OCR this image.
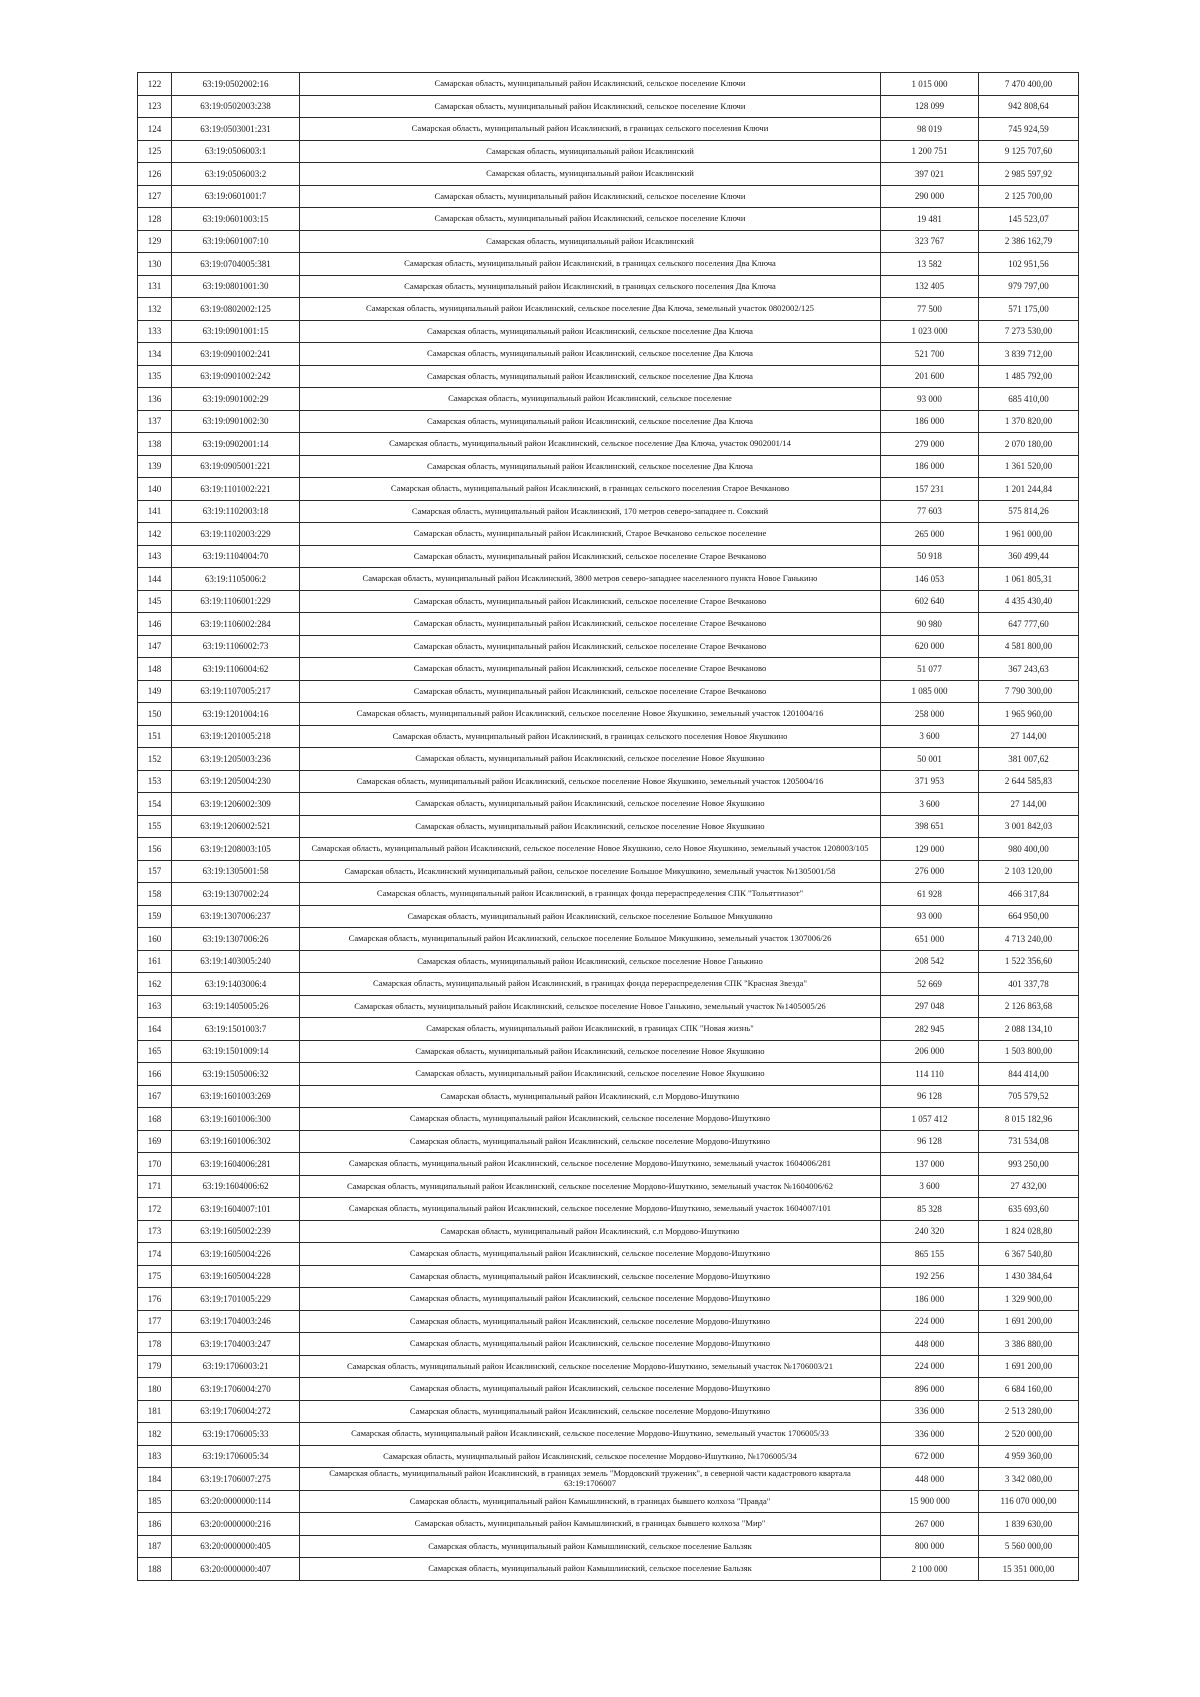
122	63:19:0502002:16	Самарская область, муниципальный район Исаклинский, сельское поселение Ключи	1 015 000	7 470 400,00
123	63:19:0502003:238	Самарская область, муниципальный район Исаклинский, сельское поселение Ключи	128 099	942 808,64
124	63:19:0503001:231	Самарская область, муниципальный район Исаклинский, в границах сельского поселения Ключи	98 019	745 924,59
125	63:19:0506003:1	Самарская область, муниципальный район Исаклинский	1 200 751	9 125 707,60
126	63:19:0506003:2	Самарская область, муниципальный район Исаклинский	397 021	2 985 597,92
127	63:19:0601001:7	Самарская область, муниципальный район Исаклинский, сельское поселение Ключи	290 000	2 125 700,00
128	63:19:0601003:15	Самарская область, муниципальный район Исаклинский, сельское поселение Ключи	19 481	145 523,07
129	63:19:0601007:10	Самарская область, муниципальный район Исаклинский	323 767	2 386 162,79
130	63:19:0704005:381	Самарская область, муниципальный район Исаклинский, в границах сельского поселения Два Ключа	13 582	102 951,56
131	63:19:0801001:30	Самарская область, муниципальный район Исаклинский, в границах сельского поселения Два Ключа	132 405	979 797,00
132	63:19:0802002:125	Самарская область, муниципальный район Исаклинский, сельское поселение Два Ключа, земельный участок 0802002/125	77 500	571 175,00
133	63:19:0901001:15	Самарская область, муниципальный район Исаклинский, сельское поселение Два Ключа	1 023 000	7 273 530,00
134	63:19:0901002:241	Самарская область, муниципальный район Исаклинский, сельское поселение Два Ключа	521 700	3 839 712,00
135	63:19:0901002:242	Самарская область, муниципальный район Исаклинский, сельское поселение Два Ключа	201 600	1 485 792,00
136	63:19:0901002:29	Самарская область, муниципальный район Исаклинский, сельское поселение	93 000	685 410,00
137	63:19:0901002:30	Самарская область, муниципальный район Исаклинский, сельское поселение Два Ключа	186 000	1 370 820,00
138	63:19:0902001:14	Самарская область, муниципальный район Исаклинский, сельское поселение Два Ключа, участок 0902001/14	279 000	2 070 180,00
139	63:19:0905001:221	Самарская область, муниципальный район Исаклинский, сельское поселение Два Ключа	186 000	1 361 520,00
140	63:19:1101002:221	Самарская область, муниципальный район Исаклинский, в границах сельского поселения Старое Вечканово	157 231	1 201 244,84
141	63:19:1102003:18	Самарская область, муниципальный район Исаклинский, 170 метров северо-западнее п. Сокский	77 603	575 814,26
142	63:19:1102003:229	Самарская область, муниципальный район Исаклинский, Старое Вечканово сельское поселение	265 000	1 961 000,00
143	63:19:1104004:70	Самарская область, муниципальный район Исаклинский, сельское поселение Старое Вечканово	50 918	360 499,44
144	63:19:1105006:2	Самарская область, муниципальный район Исаклинский, 3800 метров северо-западнее населенного пункта Новое Ганькино	146 053	1 061 805,31
145	63:19:1106001:229	Самарская область, муниципальный район Исаклинский, сельское поселение Старое Вечканово	602 640	4 435 430,40
146	63:19:1106002:284	Самарская область, муниципальный район Исаклинский, сельское поселение Старое Вечканово	90 980	647 777,60
147	63:19:1106002:73	Самарская область, муниципальный район Исаклинский, сельское поселение Старое Вечканово	620 000	4 581 800,00
148	63:19:1106004:62	Самарская область, муниципальный район Исаклинский, сельское поселение Старое Вечканово	51 077	367 243,63
149	63:19:1107005:217	Самарская область, муниципальный район Исаклинский, сельское поселение Старое Вечканово	1 085 000	7 790 300,00
150	63:19:1201004:16	Самарская область, муниципальный район Исаклинский, сельское поселение Новое Якушкино, земельный участок 1201004/16	258 000	1 965 960,00
151	63:19:1201005:218	Самарская область, муниципальный район Исаклинский, в границах сельского поселения Новое Якушкино	3 600	27 144,00
152	63:19:1205003:236	Самарская область, муниципальный район Исаклинский, сельское поселение Новое Якушкино	50 001	381 007,62
153	63:19:1205004:230	Самарская область, муниципальный район Исаклинский, сельское поселение Новое Якушкино, земельный участок 1205004/16	371 953	2 644 585,83
154	63:19:1206002:309	Самарская область, муниципальный район Исаклинский, сельское поселение Новое Якушкино	3 600	27 144,00
155	63:19:1206002:521	Самарская область, муниципальный район Исаклинский, сельское поселение Новое Якушкино	398 651	3 001 842,03
156	63:19:1208003:105	Самарская область, муниципальный район Исаклинский, сельское поселение Новое Якушкино, село Новое Якушкино, земельный участок 1208003/105	129 000	980 400,00
157	63:19:1305001:58	Самарская область, Исаклинский муниципальный район, сельское поселение Большое Микушкино, земельный участок №1305001/58	276 000	2 103 120,00
158	63:19:1307002:24	Самарская область, муниципальный район Исаклинский, в границах фонда перераспределения СПК "Тольяттиазот"	61 928	466 317,84
159	63:19:1307006:237	Самарская область, муниципальный район Исаклинский, сельское поселение Большое Микушкино	93 000	664 950,00
160	63:19:1307006:26	Самарская область, муниципальный район Исаклинский, сельское поселение Большое Микушкино, земельный участок 1307006/26	651 000	4 713 240,00
161	63:19:1403005:240	Самарская область, муниципальный район Исаклинский, сельское поселение Новое Ганькино	208 542	1 522 356,60
162	63:19:1403006:4	Самарская область, муниципальный район Исаклинский, в границах фонда перераспределения СПК "Красная Звезда"	52 669	401 337,78
163	63:19:1405005:26	Самарская область, муниципальный район Исаклинский, сельское поселение Новое Ганькино, земельный участок №1405005/26	297 048	2 126 863,68
164	63:19:1501003:7	Самарская область, муниципальный район Исаклинский, в границах СПК "Новая жизнь"	282 945	2 088 134,10
165	63:19:1501009:14	Самарская область, муниципальный район Исаклинский, сельское поселение Новое Якушкино	206 000	1 503 800,00
166	63:19:1505006:32	Самарская область, муниципальный район Исаклинский, сельское поселение Новое Якушкино	114 110	844 414,00
167	63:19:1601003:269	Самарская область, муниципальный район Исаклинский, с.п Мордово-Ишуткино	96 128	705 579,52
168	63:19:1601006:300	Самарская область, муниципальный район Исаклинский, сельское поселение Мордово-Ишуткино	1 057 412	8 015 182,96
169	63:19:1601006:302	Самарская область, муниципальный район Исаклинский, сельское поселение Мордово-Ишуткино	96 128	731 534,08
170	63:19:1604006:281	Самарская область, муниципальный район Исаклинский, сельское поселение Мордово-Ишуткино, земельный участок 1604006/281	137 000	993 250,00
171	63:19:1604006:62	Самарская область, муниципальный район Исаклинский, сельское поселение Мордово-Ишуткино, земельный участок №1604006/62	3 600	27 432,00
172	63:19:1604007:101	Самарская область, муниципальный район Исаклинский, сельское поселение Мордово-Ишуткино, земельный участок 1604007/101	85 328	635 693,60
173	63:19:1605002:239	Самарская область, муниципальный район Исаклинский, с.п Мордово-Ишуткино	240 320	1 824 028,80
174	63:19:1605004:226	Самарская область, муниципальный район Исаклинский, сельское поселение Мордово-Ишуткино	865 155	6 367 540,80
175	63:19:1605004:228	Самарская область, муниципальный район Исаклинский, сельское поселение Мордово-Ишуткино	192 256	1 430 384,64
176	63:19:1701005:229	Самарская область, муниципальный район Исаклинский, сельское поселение Мордово-Ишуткино	186 000	1 329 900,00
177	63:19:1704003:246	Самарская область, муниципальный район Исаклинский, сельское поселение Мордово-Ишуткино	224 000	1 691 200,00
178	63:19:1704003:247	Самарская область, муниципальный район Исаклинский, сельское поселение Мордово-Ишуткино	448 000	3 386 880,00
179	63:19:1706003:21	Самарская область, муниципальный район Исаклинский, сельское поселение Мордово-Ишуткино, земельный участок №1706003/21	224 000	1 691 200,00
180	63:19:1706004:270	Самарская область, муниципальный район Исаклинский, сельское поселение Мордово-Ишуткино	896 000	6 684 160,00
181	63:19:1706004:272	Самарская область, муниципальный район Исаклинский, сельское поселение Мордово-Ишуткино	336 000	2 513 280,00
182	63:19:1706005:33	Самарская область, муниципальный район Исаклинский, сельское поселение Мордово-Ишуткино, земельный участок 1706005/33	336 000	2 520 000,00
183	63:19:1706005:34	Самарская область, муниципальный район Исаклинский, сельское поселение Мордово-Ишуткино, №1706005/34	672 000	4 959 360,00
184	63:19:1706007:275	Самарская область, муниципальный район Исаклинский, в границах земель "Мордовский труженик", в северной части кадастрового квартала 63:19:1706007	448 000	3 342 080,00
185	63:20:0000000:114	Самарская область, муниципальный район Камышлинский, в границах бывшего колхоза "Правда"	15 900 000	116 070 000,00
186	63:20:0000000:216	Самарская область, муниципальный район Камышлинский, в границах бывшего колхоза "Мир"	267 000	1 839 630,00
187	63:20:0000000:405	Самарская область, муниципальный район Камышлинский, сельское поселение Бальзяк	800 000	5 560 000,00
188	63:20:0000000:407	Самарская область, муниципальный район Камышлинский, сельское поселение Бальзяк	2 100 000	15 351 000,00
